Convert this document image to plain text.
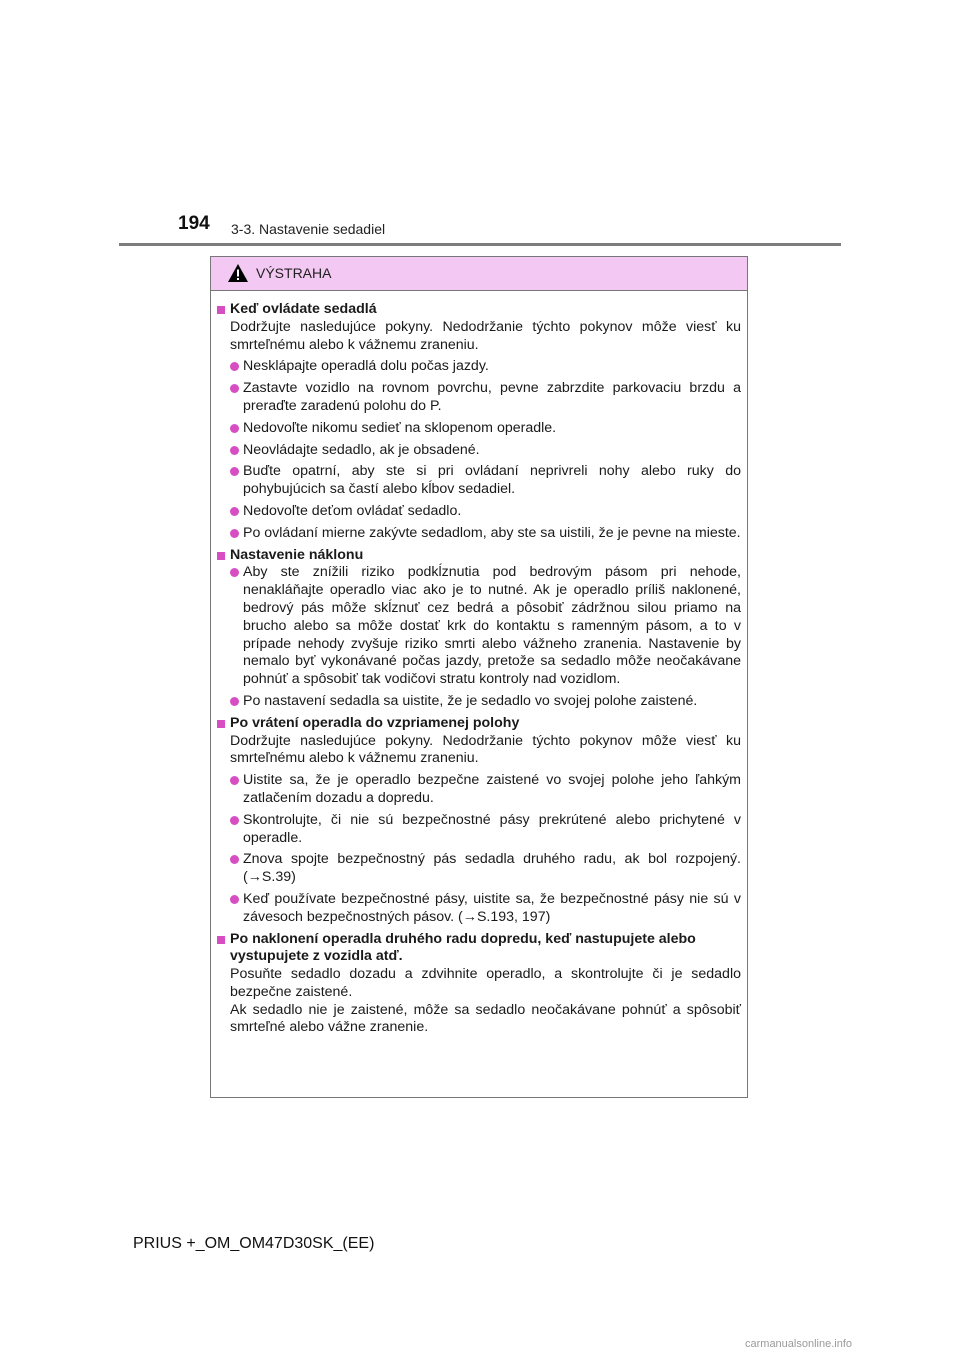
194 3-3. Nastavenie sedadiel
VÝSTRAHA
Keď ovládate sedadlá
Dodržujte nasledujúce pokyny. Nedodržanie týchto pokynov môže viesť ku smrteľnému alebo k vážnemu zraneniu.
Nesklápajte operadlá dolu počas jazdy.
Zastavte vozidlo na rovnom povrchu, pevne zabrzdite parkovaciu brzdu a preraďte zaradenú polohu do P.
Nedovoľte nikomu sedieť na sklopenom operadle.
Neovládajte sedadlo, ak je obsadené.
Buďte opatrní, aby ste si pri ovládaní neprivreli nohy alebo ruky do pohybujúcich sa častí alebo kĺbov sedadiel.
Nedovoľte deťom ovládať sedadlo.
Po ovládaní mierne zakývte sedadlom, aby ste sa uistili, že je pevne na mieste.
Nastavenie náklonu
Aby ste znížili riziko podkĺznutia pod bedrovým pásom pri nehode, nenakláňajte operadlo viac ako je to nutné. Ak je operadlo príliš naklonené, bedrový pás môže skĺznuť cez bedrá a pôsobiť zádržnou silou priamo na brucho alebo sa môže dostať krk do kontaktu s ramenným pásom, a to v prípade nehody zvyšuje riziko smrti alebo vážneho zranenia. Nastavenie by nemalo byť vykonávané počas jazdy, pretože sa sedadlo môže neočakávane pohnúť a spôsobiť tak vodičovi stratu kontroly nad vozidlom.
Po nastavení sedadla sa uistite, že je sedadlo vo svojej polohe zaistené.
Po vrátení operadla do vzpriamenej polohy
Dodržujte nasledujúce pokyny. Nedodržanie týchto pokynov môže viesť ku smrteľnému alebo k vážnemu zraneniu.
Uistite sa, že je operadlo bezpečne zaistené vo svojej polohe jeho ľahkým zatlačením dozadu a dopredu.
Skontrolujte, či nie sú bezpečnostné pásy prekrútené alebo prichytené v operadle.
Znova spojte bezpečnostný pás sedadla druhého radu, ak bol rozpojený. (→S.39)
Keď používate bezpečnostné pásy, uistite sa, že bezpečnostné pásy nie sú v závesoch bezpečnostných pásov. (→S.193, 197)
Po naklonení operadla druhého radu dopredu, keď nastupujete alebo vystupujete z vozidla atď.
Posuňte sedadlo dozadu a zdvihnite operadlo, a skontrolujte či je sedadlo bezpečne zaistené.
Ak sedadlo nie je zaistené, môže sa sedadlo neočakávane pohnúť a spôsobiť smrteľné alebo vážne zranenie.
PRIUS +_OM_OM47D30SK_(EE)
carmanualsonline.info
